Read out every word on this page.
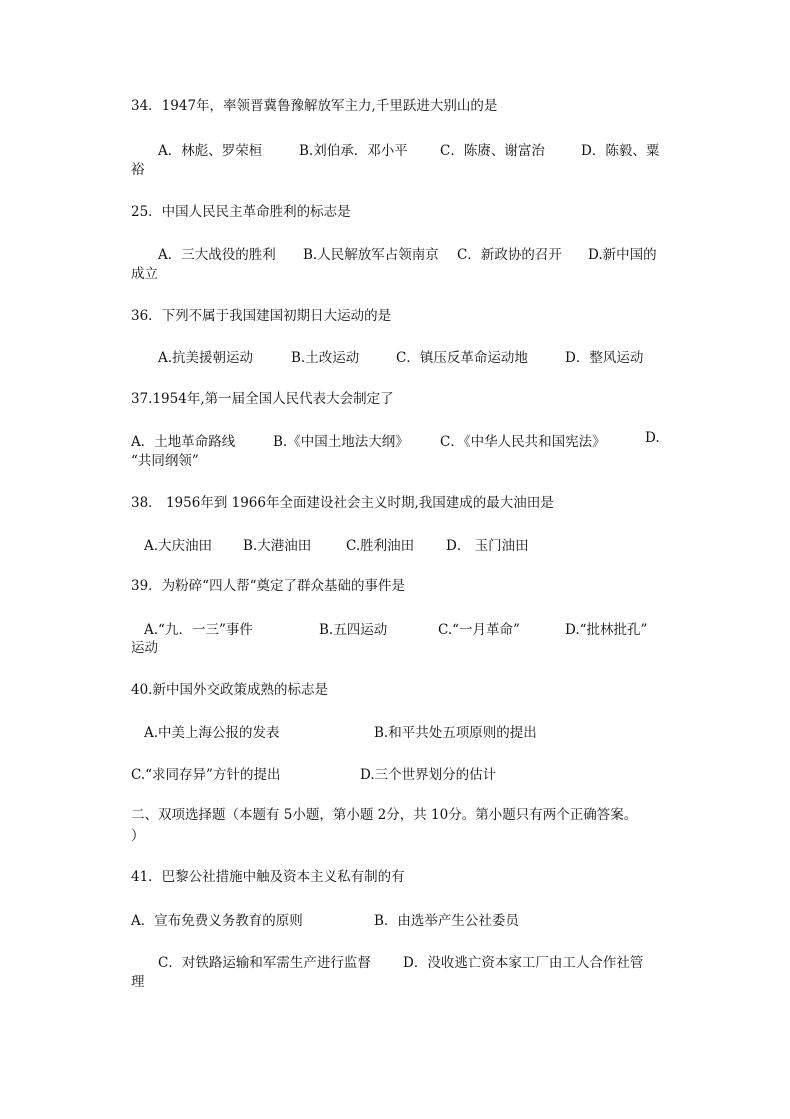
34．1947年，率领晋冀鲁豫解放军主力,千里跃进大别山的是
A．林彪、罗荣桓	B.刘伯承．邓小平 C．陈赓、谢富治	D．陈毅、粟
裕
25．中国人民民主革命胜利的标志是
A．三大战役的胜利 B.人民解放军占领南京 C．新政协的召开 D.新中国的
成立
36．下列不属于我国建国初期日大运动的是
A.抗美援朝运动	B.土改运动	C．镇压反革命运动地	D．整风运动
37.1954年,第一届全国人民代表大会制定了
A．土地革命路线	B.《中国土地法大纲》 C．《中华人民共和国宪法》	D.
“共同纲领”
38． 1956年到 1966年全面建设社会主义时期,我国建成的最大油田是
A.大庆油田 B.大港油田	C.胜利油田 D． 玉门油田
39．为粉碎“四人帮“奠定了群众基础的事件是
A.“九．一三”事件	B.五四运动	C.“一月革命”	D.“批林批孔”
运动
40.新中国外交政策成熟的标志是
A.中美上海公报的发表	B.和平共处五项原则的提出
C.“求同存异”方针的提出	D.三个世界划分的估计
二、双项选择题（本题有 5小题，第小题 2分，共 10分。第小题只有两个正确答案。
）
41．巴黎公社措施中触及资本主义私有制的有
A．宣布免费义务教育的原则	B．由选举产生公社委员
C．对铁路运输和军需生产进行监督 D．没收逃亡资本家工厂由工人合作社管
理
